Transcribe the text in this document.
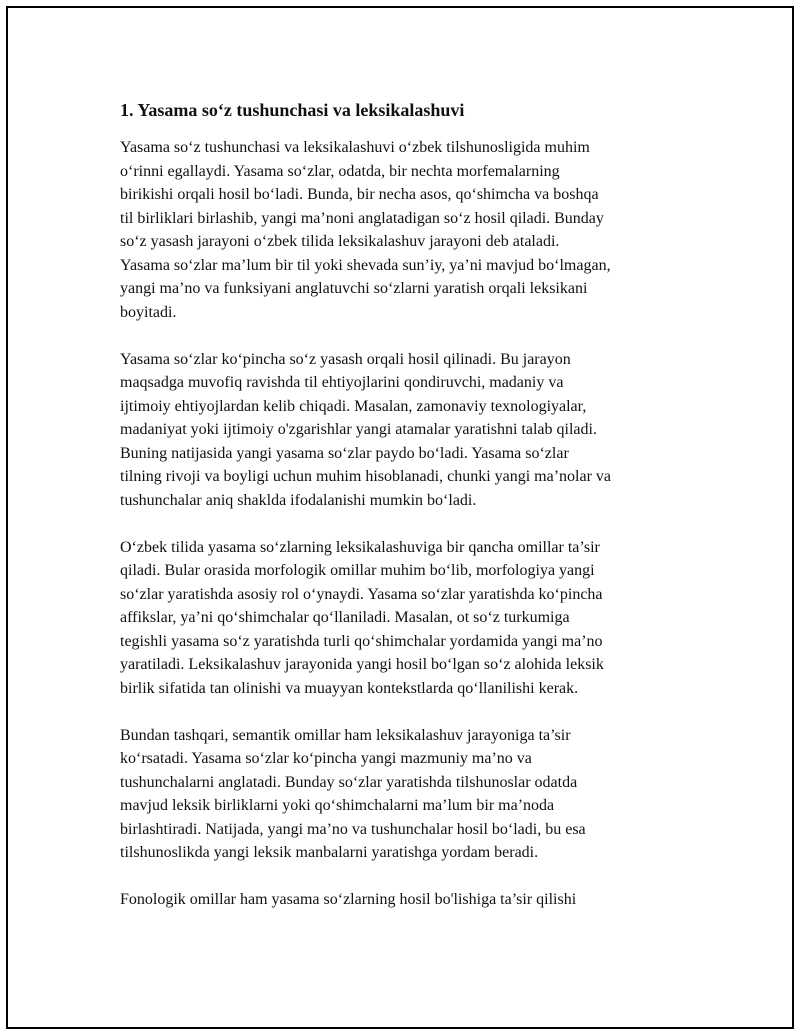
1. Yasama so‘z tushunchasi va leksikalashuvi

Yasama so‘z tushunchasi va leksikalashuvi o‘zbek tilshunosligida muhim
o‘rinni egallaydi. Yasama so‘zlar, odatda, bir nechta morfemalarning
birikishi orqali hosil bo‘ladi. Bunda, bir necha asos, qo‘shimcha va boshqa
til birliklari birlashib, yangi ma’noni anglatadigan so‘z hosil qiladi. Bunday
so‘z yasash jarayoni o‘zbek tilida leksikalashuv jarayoni deb ataladi.
Yasama so‘zlar ma’lum bir til yoki shevada sun’iy, ya’ni mavjud bo‘lmagan,
yangi ma’no va funksiyani anglatuvchi so‘zlarni yaratish orqali leksikani
boyitadi.

Yasama so‘zlar ko‘pincha so‘z yasash orqali hosil qilinadi. Bu jarayon
maqsadga muvofiq ravishda til ehtiyojlarini qondiruvchi, madaniy va
ijtimoiy ehtiyojlardan kelib chiqadi. Masalan, zamonaviy texnologiyalar,
madaniyat yoki ijtimoiy o'zgarishlar yangi atamalar yaratishni talab qiladi.
Buning natijasida yangi yasama so‘zlar paydo bo‘ladi. Yasama so‘zlar
tilning rivoji va boyligi uchun muhim hisoblanadi, chunki yangi ma’nolar va
tushunchalar aniq shaklda ifodalanishi mumkin bo‘ladi.

O‘zbek tilida yasama so‘zlarning leksikalashuviga bir qancha omillar ta’sir
qiladi. Bular orasida morfologik omillar muhim bo‘lib, morfologiya yangi
so‘zlar yaratishda asosiy rol o‘ynaydi. Yasama so‘zlar yaratishda ko‘pincha
affikslar, ya’ni qo‘shimchalar qo‘llaniladi. Masalan, ot so‘z turkumiga
tegishli yasama so‘z yaratishda turli qo‘shimchalar yordamida yangi ma’no
yaratiladi. Leksikalashuv jarayonida yangi hosil bo‘lgan so‘z alohida leksik
birlik sifatida tan olinishi va muayyan kontekstlarda qo‘llanilishi kerak.

Bundan tashqari, semantik omillar ham leksikalashuv jarayoniga ta’sir
ko‘rsatadi. Yasama so‘zlar ko‘pincha yangi mazmuniy ma’no va
tushunchalarni anglatadi. Bunday so‘zlar yaratishda tilshunoslar odatda
mavjud leksik birliklarni yoki qo‘shimchalarni ma’lum bir ma’noda
birlashtiradi. Natijada, yangi ma’no va tushunchalar hosil bo‘ladi, bu esa
tilshunoslikda yangi leksik manbalarni yaratishga yordam beradi.

Fonologik omillar ham yasama so‘zlarning hosil bo'lishiga ta’sir qilishi
